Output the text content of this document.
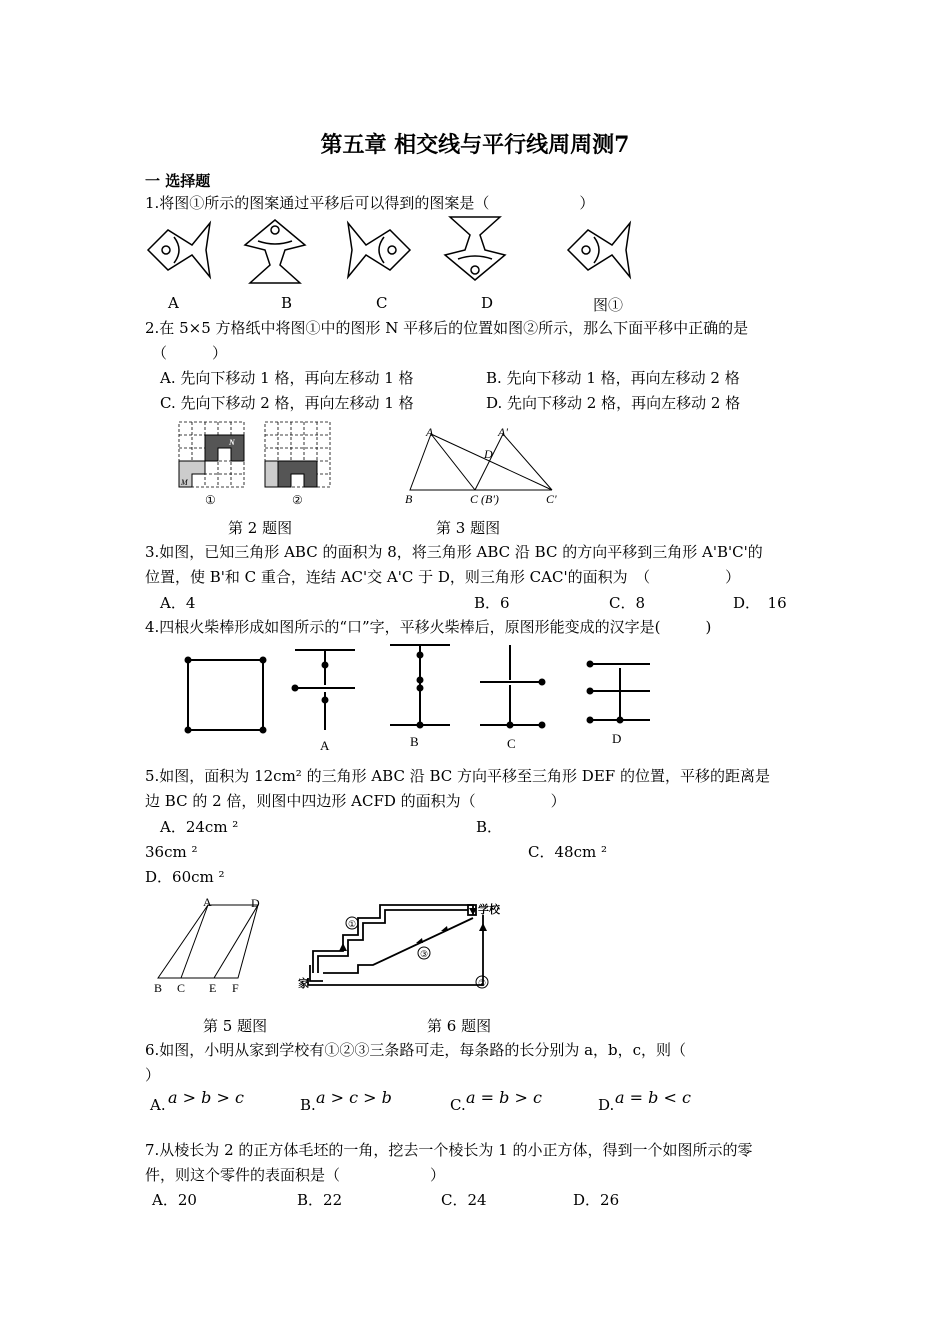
第五章 相交线与平行线周周测7
一 选择题
1.将图①所示的图案通过平移后可以得到的图案是（　　　　　　）
A	B	C	D	图①
2.在 5×5 方格纸中将图①中的图形 N 平移后的位置如图②所示，那么下面平移中正确的是
（　　　）
A. 先向下移动 1 格，再向左移动 1 格	B. 先向下移动 1 格，再向左移动 2 格
C. 先向下移动 2 格，再向左移动 1 格	D. 先向下移动 2 格，再向左移动 2 格
N
M
①	②
A	A'
D
B	C (B')	C'
第 2 题图	第 3 题图
3.如图，已知三角形 ABC 的面积为 8，将三角形 ABC 沿 BC 的方向平移到三角形 A'B'C'的
位置，使 B'和 C 重合，连结 AC'交 A'C 于 D，则三角形 CAC'的面积为　（　　　　　）
A．4	B．6	C．8	D．　16
4.四根火柴棒形成如图所示的“口”字，平移火柴棒后，原图形能变成的汉字是(　　　)
A	B	C	D
5.如图，面积为 12cm² 的三角形 ABC 沿 BC 方向平移至三角形 DEF 的位置，平移的距离是
边 BC 的 2 倍，则图中四边形 ACFD 的面积为（　　　　　）
A．24cm ²	B．
36cm ²	C．48cm ²
D．60cm ²
A	D
B C E F
①
②
③
学校
家
第 5 题图	第 6 题图
6.如图，小明从家到学校有①②③三条路可走，每条路的长分别为 a，b，c，则（
）
A. a > b > c	B. a > c > b	C. a = b > c	D. a = b < c
7.从棱长为 2 的正方体毛坯的一角，挖去一个棱长为 1 的小正方体，得到一个如图所示的零
件，则这个零件的表面积是（　　　　　　）
A．20	B．22	C．24	D．26
